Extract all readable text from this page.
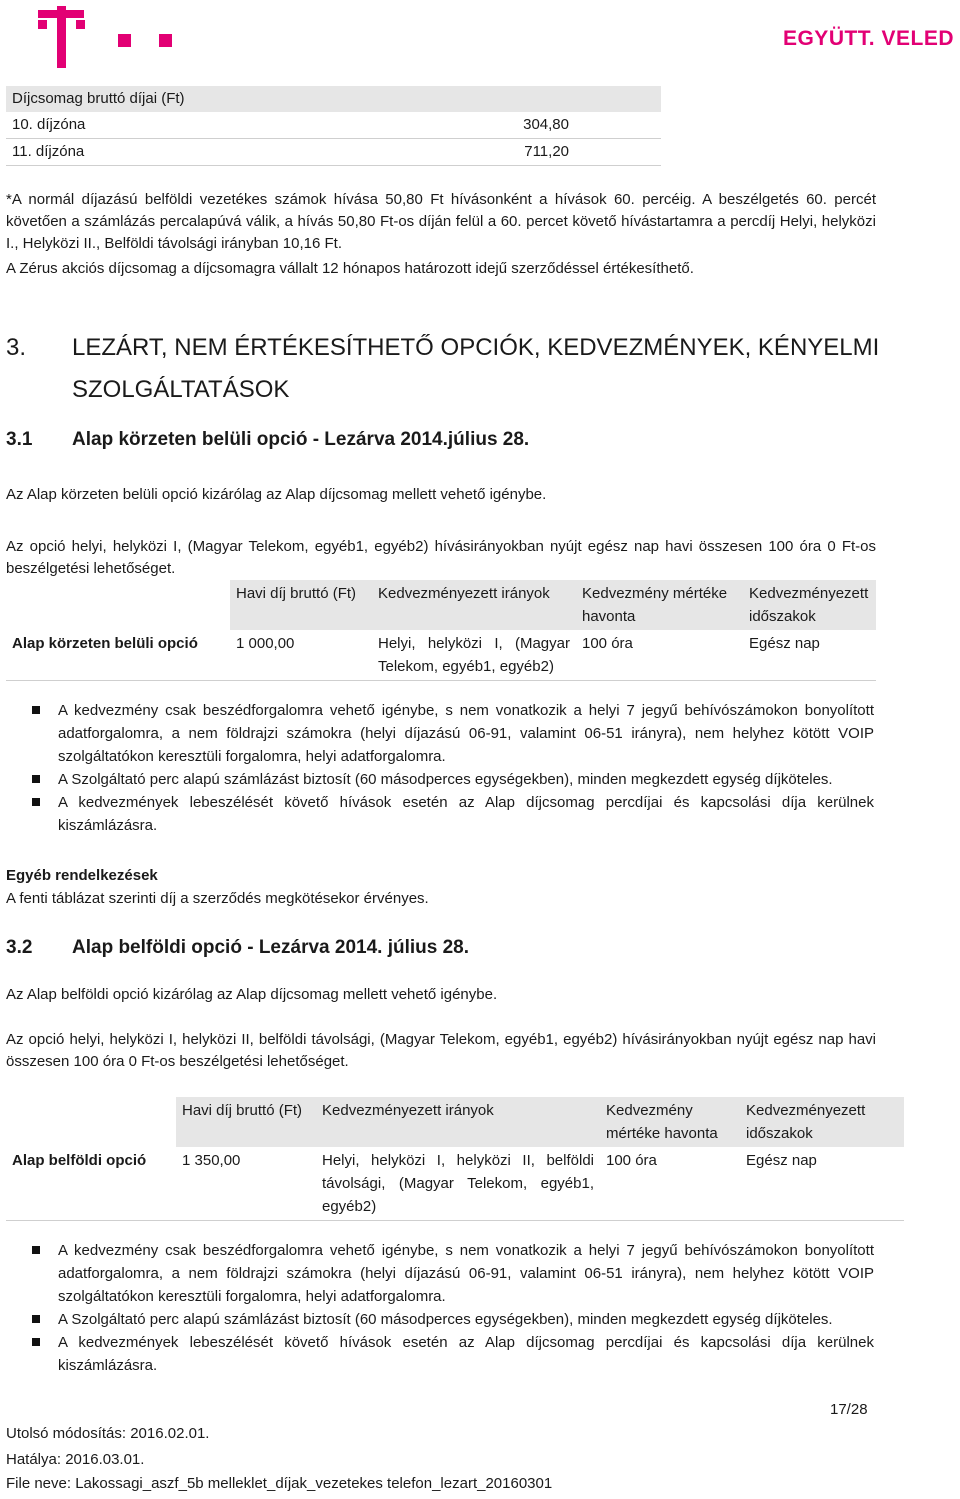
EGYÜTT. VELED
Díjcsomag bruttó díjai (Ft)	
10. díjzóna	304,80
11. díjzóna	711,20

*A normál díjazású belföldi vezetékes számok hívása 50,80 Ft hívásonként a hívások 60. percéig. A beszélgetés 60. percét követően a számlázás percalapúvá válik, a hívás 50,80 Ft-os díján felül a 60. percet követő hívástartamra a percdíj Helyi, helyközi I., Helyközi II., Belföldi távolsági irányban 10,16 Ft.

A Zérus akciós díjcsomag a díjcsomagra vállalt 12 hónapos határozott idejű szerződéssel értékesíthető.

3. LEZÁRT, NEM ÉRTÉKESÍTHETŐ OPCIÓK, KEDVEZMÉNYEK, KÉNYELMI
SZOLGÁLTATÁSOK
3.1 Alap körzeten belüli opció - Lezárva 2014.július 28.

Az Alap körzeten belüli opció kizárólag az Alap díjcsomag mellett vehető igénybe.

Az opció helyi, helyközi I, (Magyar Telekom, egyéb1, egyéb2) hívásirányokban nyújt egész nap havi összesen 100 óra 0 Ft-os beszélgetési lehetőséget.

	Havi díj bruttó (Ft)	Kedvezményezett irányok	Kedvezmény mértéke havonta	Kedvezményezett időszakok
Alap körzeten belüli opció	1 000,00	Helyi, helyközi I, (Magyar Telekom, egyéb1, egyéb2)	100 óra	Egész nap
A kedvezmény csak beszédforgalomra vehető igénybe, s nem vonatkozik a helyi 7 jegyű behívószámokon bonyolított adatforgalomra, a nem földrajzi számokra (helyi díjazású 06-91, valamint 06-51 irányra), nem helyhez kötött VOIP szolgáltatókon keresztüli forgalomra, helyi adatforgalomra.
A Szolgáltató perc alapú számlázást biztosít (60 másodperces egységekben), minden megkezdett egység díjköteles.
A kedvezmények lebeszélését követő hívások esetén az Alap díjcsomag percdíjai és kapcsolási díja kerülnek kiszámlázásra.

Egyéb rendelkezések

A fenti táblázat szerinti díj a szerződés megkötésekor érvényes.

3.2 Alap belföldi opció - Lezárva 2014. július 28.

Az Alap belföldi opció kizárólag az Alap díjcsomag mellett vehető igénybe.

Az opció helyi, helyközi I, helyközi II, belföldi távolsági, (Magyar Telekom, egyéb1, egyéb2) hívásirányokban nyújt egész nap havi összesen 100 óra 0 Ft-os beszélgetési lehetőséget.

	Havi díj bruttó (Ft)	Kedvezményezett irányok	Kedvezmény mértéke havonta	Kedvezményezett időszakok
Alap belföldi opció	1 350,00	Helyi, helyközi I, helyközi II, belföldi távolsági, (Magyar Telekom, egyéb1, egyéb2)	100 óra	Egész nap
A kedvezmény csak beszédforgalomra vehető igénybe, s nem vonatkozik a helyi 7 jegyű behívószámokon bonyolított adatforgalomra, a nem földrajzi számokra (helyi díjazású 06-91, valamint 06-51 irányra), nem helyhez kötött VOIP szolgáltatókon keresztüli forgalomra, helyi adatforgalomra.
A Szolgáltató perc alapú számlázást biztosít (60 másodperces egységekben), minden megkezdett egység díjköteles.
A kedvezmények lebeszélését követő hívások esetén az Alap díjcsomag percdíjai és kapcsolási díja kerülnek kiszámlázásra.
17/28
Utolsó módosítás: 2016.02.01.
Hatálya: 2016.03.01.
File neve: Lakossagi_aszf_5b melleklet_díjak_vezetekes telefon_lezart_20160301
